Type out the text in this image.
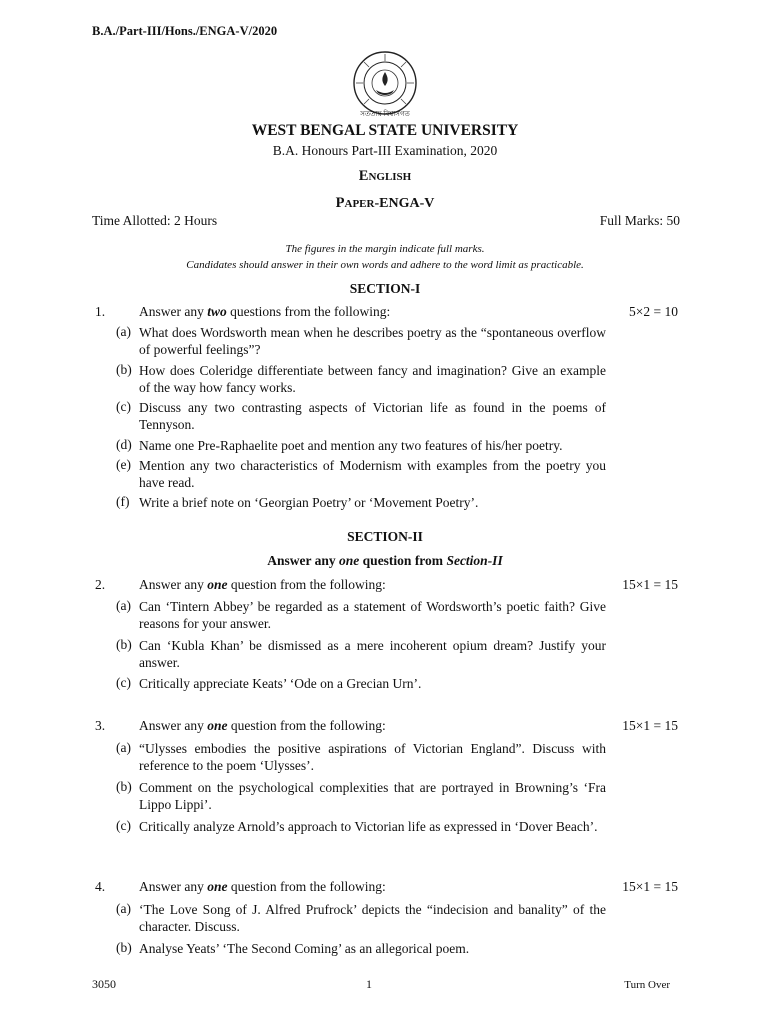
B.A./Part-III/Hons./ENGA-V/2020
সততায় বিশ্বাসগত
WEST BENGAL STATE UNIVERSITY
B.A. Honours Part-III Examination, 2020
ENGLISH
PAPER-ENGA-V
Time Allotted: 2 Hours	Full Marks: 50
The figures in the margin indicate full marks.
Candidates should answer in their own words and adhere to the word limit as practicable.
SECTION-I
1.	Answer any two questions from the following:	5×2 = 10
(a) What does Wordsworth mean when he describes poetry as the “spontaneous overflow of powerful feelings”?
(b) How does Coleridge differentiate between fancy and imagination? Give an example of the way how fancy works.
(c) Discuss any two contrasting aspects of Victorian life as found in the poems of Tennyson.
(d) Name one Pre-Raphaelite poet and mention any two features of his/her poetry.
(e) Mention any two characteristics of Modernism with examples from the poetry you have read.
(f) Write a brief note on ‘Georgian Poetry’ or ‘Movement Poetry’.
SECTION-II
Answer any one question from Section-II
2.	Answer any one question from the following:	15×1 = 15
(a) Can ‘Tintern Abbey’ be regarded as a statement of Wordsworth’s poetic faith? Give reasons for your answer.
(b) Can ‘Kubla Khan’ be dismissed as a mere incoherent opium dream? Justify your answer.
(c) Critically appreciate Keats’ ‘Ode on a Grecian Urn’.
3.	Answer any one question from the following:	15×1 = 15
(a) “Ulysses embodies the positive aspirations of Victorian England”. Discuss with reference to the poem ‘Ulysses’.
(b) Comment on the psychological complexities that are portrayed in Browning’s ‘Fra Lippo Lippi’.
(c) Critically analyze Arnold’s approach to Victorian life as expressed in ‘Dover Beach’.
4.	Answer any one question from the following:	15×1 = 15
(a) ‘The Love Song of J. Alfred Prufrock’ depicts the “indecision and banality” of the character. Discuss.
(b) Analyse Yeats’ ‘The Second Coming’ as an allegorical poem.
3050	1	Turn Over
